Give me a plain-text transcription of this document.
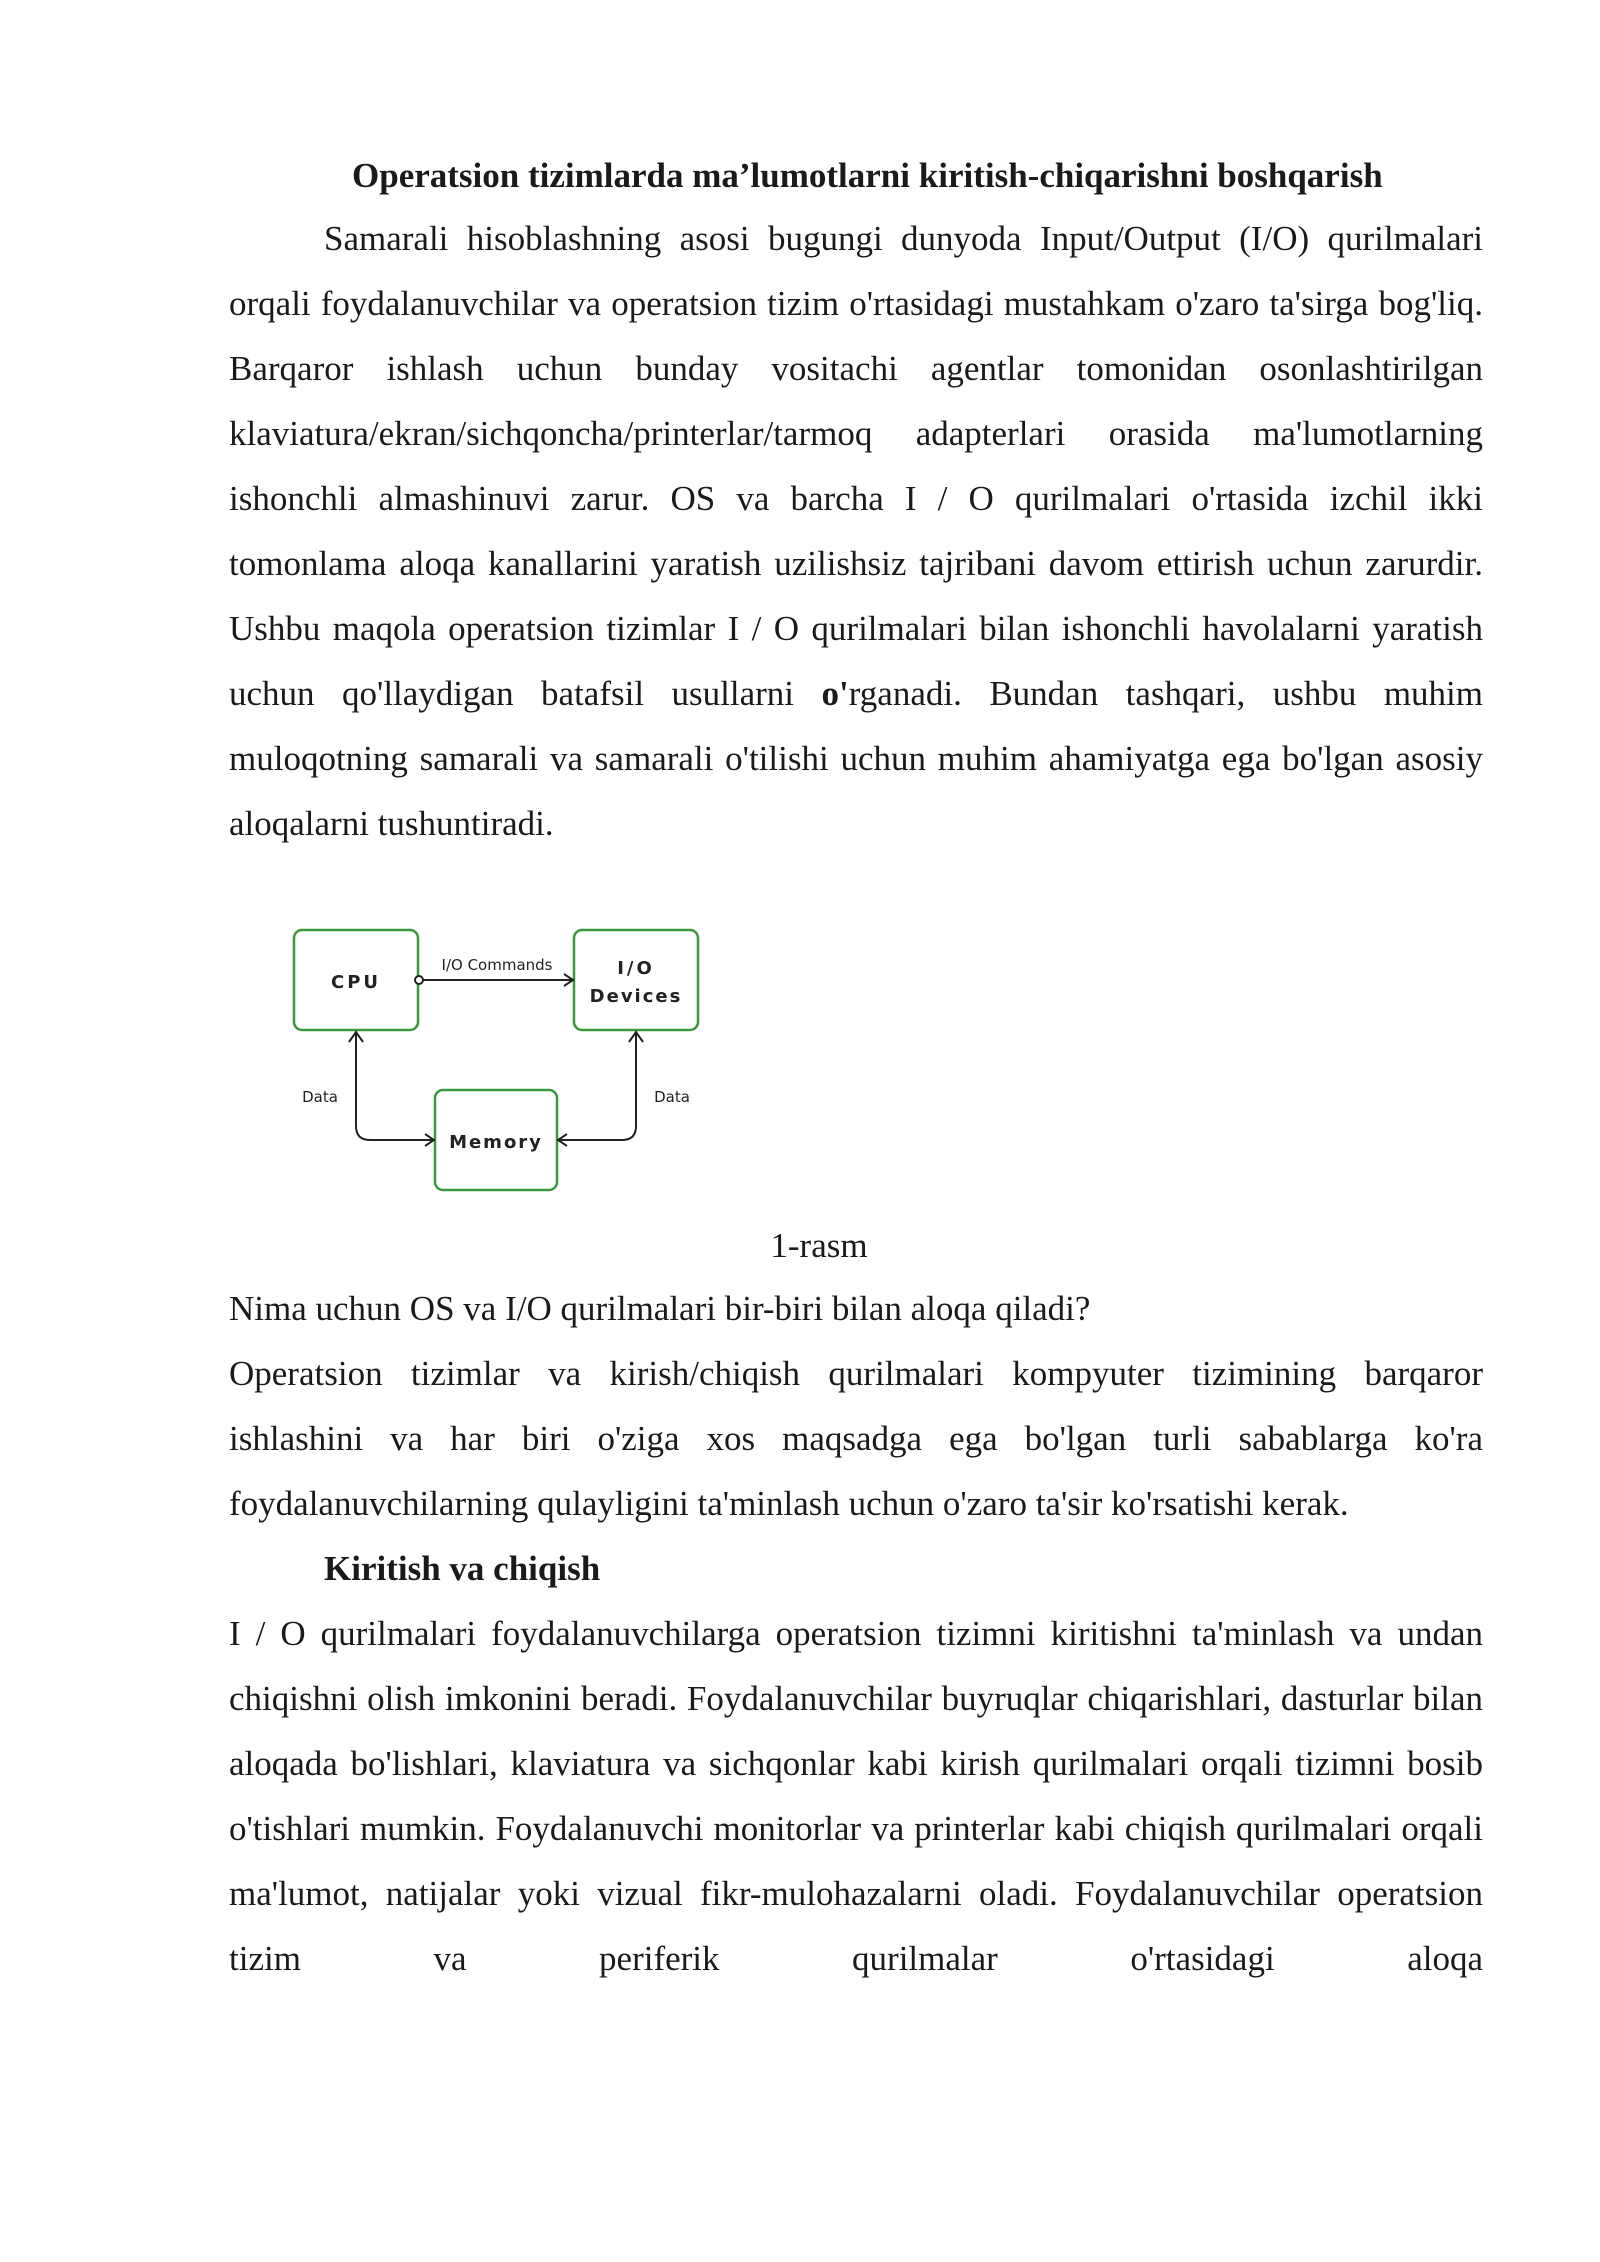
Operatsion tizimlarda ma’lumotlarni kiritish-chiqarishni boshqarish

Samarali hisoblashning asosi bugungi dunyoda Input/Output (I/O) qurilmalari orqali foydalanuvchilar va operatsion tizim o'rtasidagi mustahkam o'zaro ta'sirga bog'liq. Barqaror ishlash uchun bunday vositachi agentlar tomonidan osonlashtirilgan klaviatura/ekran/sichqoncha/printerlar/tarmoq adapterlari orasida ma'lumotlarning ishonchli almashinuvi zarur. OS va barcha I / O qurilmalari o'rtasida izchil ikki tomonlama aloqa kanallarini yaratish uzilishsiz tajribani davom ettirish uchun zarurdir. Ushbu maqola operatsion tizimlar I / O qurilmalari bilan ishonchli havolalarni yaratish uchun qo'llaydigan batafsil usullarni o'rganadi. Bundan tashqari, ushbu muhim muloqotning samarali va samarali o'tilishi uchun muhim ahamiyatga ega bo'lgan asosiy aloqalarni tushuntiradi.

CPU
I/O
Devices
Memory
I/O Commands
Data	Data
1-rasm

Nima uchun OS va I/O qurilmalari bir-biri bilan aloqa qiladi?

Operatsion tizimlar va kirish/chiqish qurilmalari kompyuter tizimining barqaror ishlashini va har biri o'ziga xos maqsadga ega bo'lgan turli sabablarga ko'ra foydalanuvchilarning qulayligini ta'minlash uchun o'zaro ta'sir ko'rsatishi kerak.

Kiritish va chiqish

I / O qurilmalari foydalanuvchilarga operatsion tizimni kiritishni ta'minlash va undan chiqishni olish imkonini beradi. Foydalanuvchilar buyruqlar chiqarishlari, dasturlar bilan aloqada bo'lishlari, klaviatura va sichqonlar kabi kirish qurilmalari orqali tizimni bosib o'tishlari mumkin. Foydalanuvchi monitorlar va printerlar kabi chiqish qurilmalari orqali ma'lumot, natijalar yoki vizual fikr-mulohazalarni oladi. Foydalanuvchilar operatsion tizim va periferik qurilmalar o'rtasidagi aloqa
